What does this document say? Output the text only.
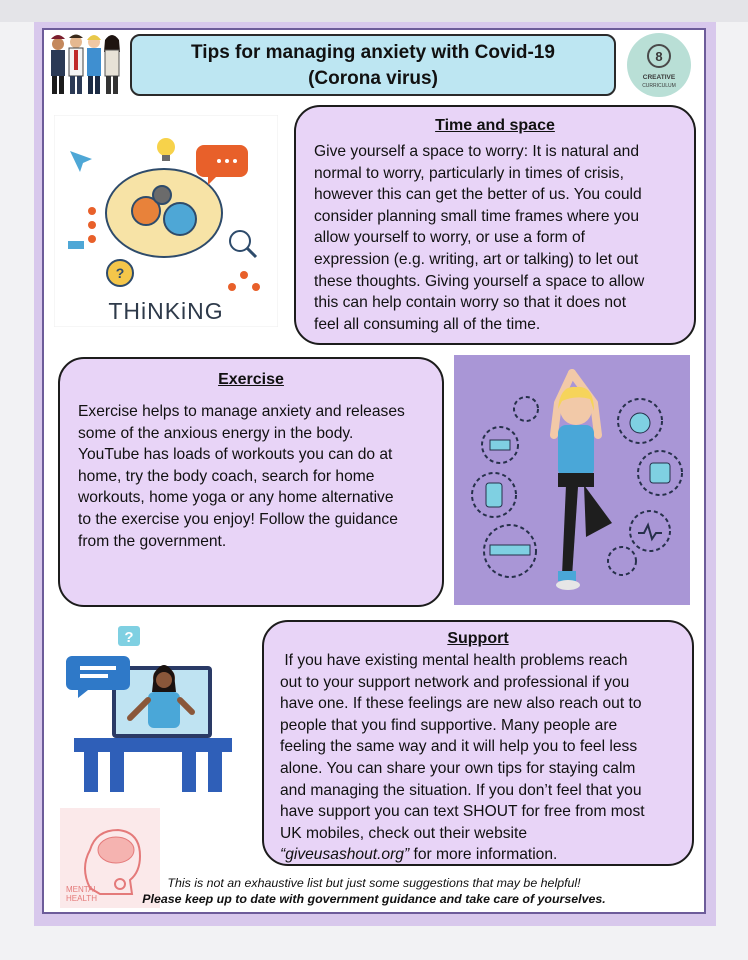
Tips for managing anxiety with Covid-19
(Corona virus)
8
CREATIVE
CURRICULUM
?
THiNKiNG
Time and space
Give yourself a space to worry: It is natural and
normal to worry, particularly in times of crisis,
however this can get the better of us. You could
consider planning small time frames where you
allow yourself to worry, or use a form of
expression (e.g. writing, art or talking) to let out
these thoughts. Giving yourself a space to allow
this can help contain worry so that it does not
feel all consuming all of the time.
Exercise
Exercise helps to manage anxiety and releases
some of the anxious energy in the body.
YouTube has loads of workouts you can do at
home, try the body coach, search for home
workouts, home yoga or any home alternative
to the exercise you enjoy! Follow the guidance
from the government.
?
MENTAL
HEALTH
Support
If you have existing mental health problems reach
out to your support network and professional if you
have one. If these feelings are new also reach out to
people that you find supportive. Many people are
feeling the same way and it will help you to feel less
alone. You can share your own tips for staying calm
and managing the situation. If you don’t feel that you
have support you can text SHOUT for free from most
UK mobiles, check out their website
“giveusashout.org” for more information.
This is not an exhaustive list but just some suggestions that may be helpful!
Please keep up to date with government guidance and take care of yourselves.
